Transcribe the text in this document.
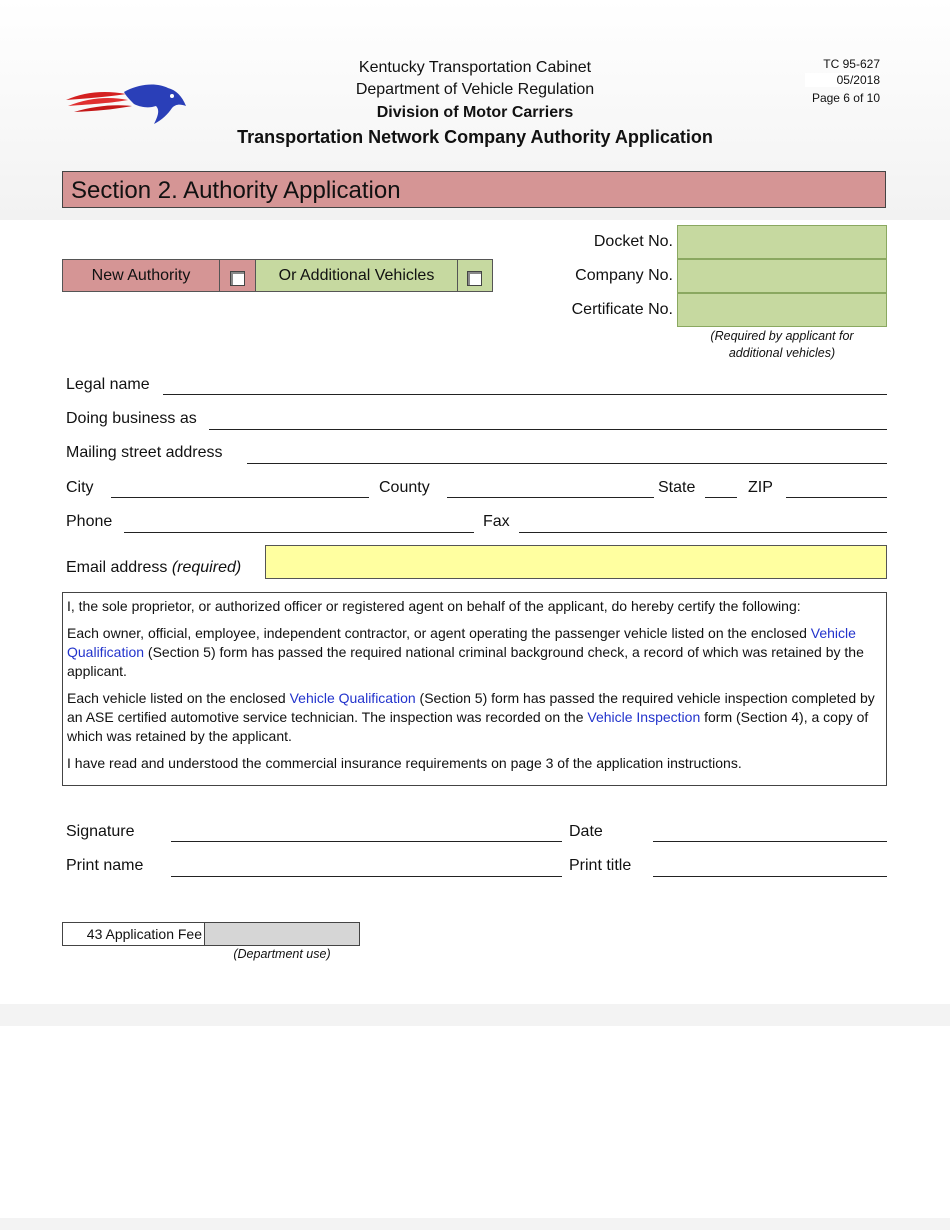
Kentucky Transportation Cabinet
Department of Vehicle Regulation
Division of Motor Carriers
Transportation Network Company Authority Application
TC 95-627
05/2018
Page 6 of 10
Section 2. Authority Application
New Authority	Or Additional Vehicles
Docket No.
Company No.
Certificate No.
(Required by applicant for
additional vehicles)
Legal name
Doing business as
Mailing street address
City	County	State	ZIP
Phone	Fax
Email address (required)

I, the sole proprietor, or authorized officer or registered agent on behalf of the applicant, do hereby certify the following:

Each owner, official, employee, independent contractor, or agent operating the passenger vehicle listed on the enclosed Vehicle Qualification (Section 5) form has passed the required national criminal background check, a record of which was retained by the applicant.

Each vehicle listed on the enclosed Vehicle Qualification (Section 5) form has passed the required vehicle inspection completed by an ASE certified automotive service technician. The inspection was recorded on the Vehicle Inspection form (Section 4), a copy of which was retained by the applicant.

I have read and understood the commercial insurance requirements on page 3 of the application instructions.

Signature	Date
Print name	Print title
43 Application Fee
(Department use)
